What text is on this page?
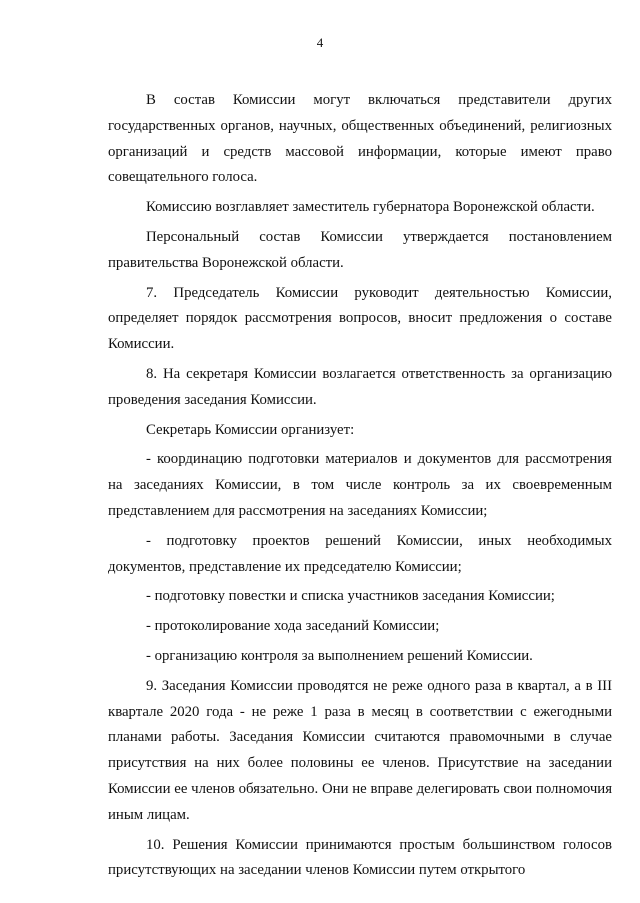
4

В состав Комиссии могут включаться представители других государственных органов, научных, общественных объединений, религиозных организаций и средств массовой информации, которые имеют право совещательного голоса.

Комиссию возглавляет заместитель губернатора Воронежской области.

Персональный состав Комиссии утверждается постановлением правительства Воронежской области.

7. Председатель Комиссии руководит деятельностью Комиссии, определяет порядок рассмотрения вопросов, вносит предложения о составе Комиссии.

8. На секретаря Комиссии возлагается ответственность за организацию проведения заседания Комиссии.

Секретарь Комиссии организует:

- координацию подготовки материалов и документов для рассмотрения на заседаниях Комиссии, в том числе контроль за их своевременным представлением для рассмотрения на заседаниях Комиссии;

- подготовку проектов решений Комиссии, иных необходимых документов, представление их председателю Комиссии;

- подготовку повестки и списка участников заседания Комиссии;

- протоколирование хода заседаний Комиссии;

- организацию контроля за выполнением решений Комиссии.

9. Заседания Комиссии проводятся не реже одного раза в квартал, а в III квартале 2020 года - не реже 1 раза в месяц в соответствии с ежегодными планами работы. Заседания Комиссии считаются правомочными в случае присутствия на них более половины ее членов. Присутствие на заседании Комиссии ее членов обязательно. Они не вправе делегировать свои полномочия иным лицам.

10. Решения Комиссии принимаются простым большинством голосов присутствующих на заседании членов Комиссии путем открытого
